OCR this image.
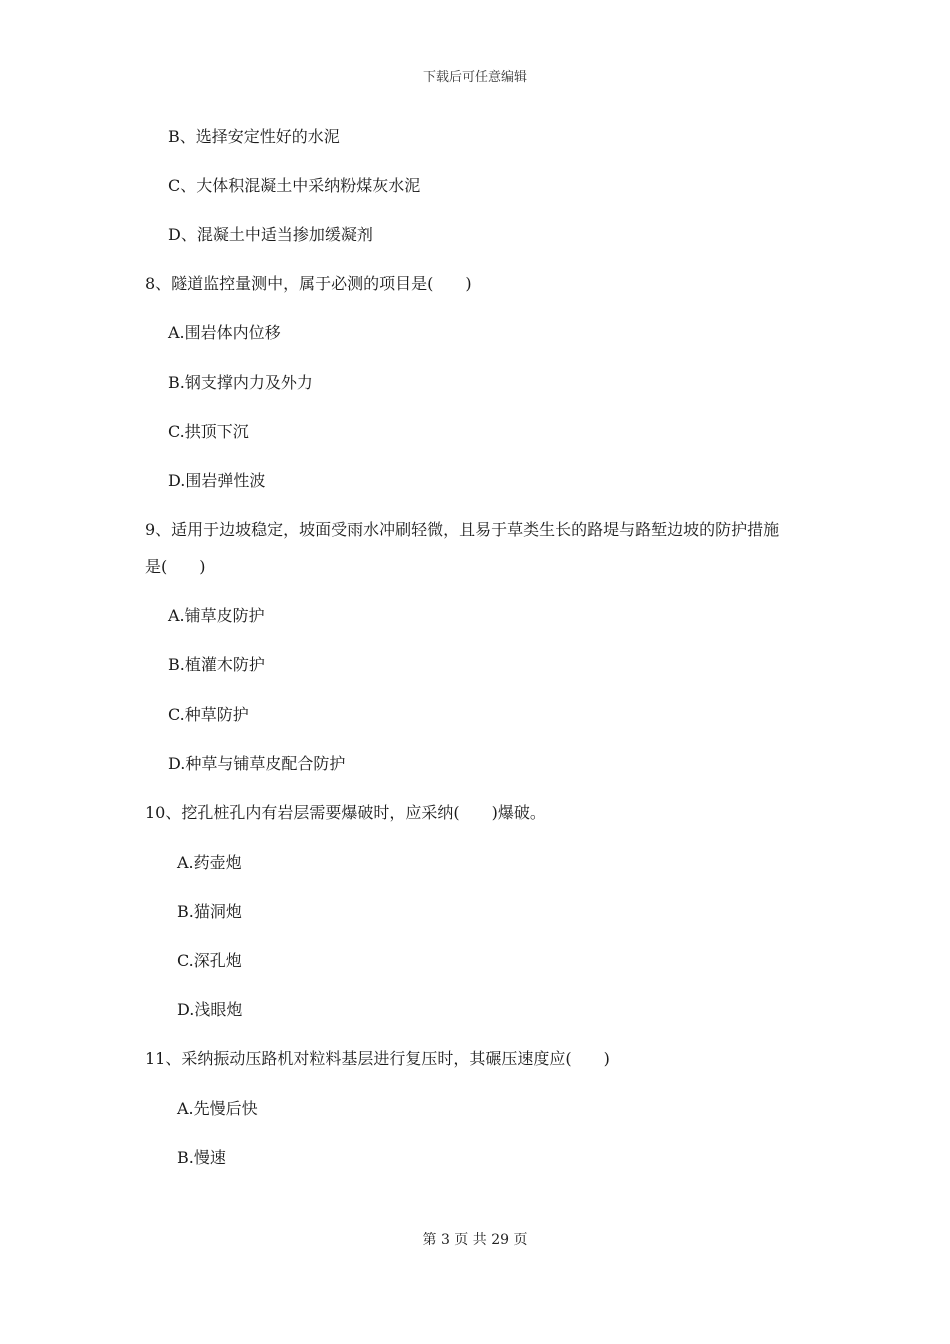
下载后可任意编辑
B、选择安定性好的水泥
C、大体积混凝土中采纳粉煤灰水泥
D、混凝土中适当掺加缓凝剂
8、隧道监控量测中，属于必测的项目是(　　)
A.围岩体内位移
B.钢支撑内力及外力
C.拱顶下沉
D.围岩弹性波
9、适用于边坡稳定，坡面受雨水冲刷轻微，且易于草类生长的路堤与路堑边坡的防护措施
是(　　)
A.铺草皮防护
B.植灌木防护
C.种草防护
D.种草与铺草皮配合防护
10、挖孔桩孔内有岩层需要爆破时，应采纳(　　)爆破。
A.药壶炮
B.猫洞炮
C.深孔炮
D.浅眼炮
11、采纳振动压路机对粒料基层进行复压时，其碾压速度应(　　)
A.先慢后快
B.慢速
第 3 页 共 29 页
